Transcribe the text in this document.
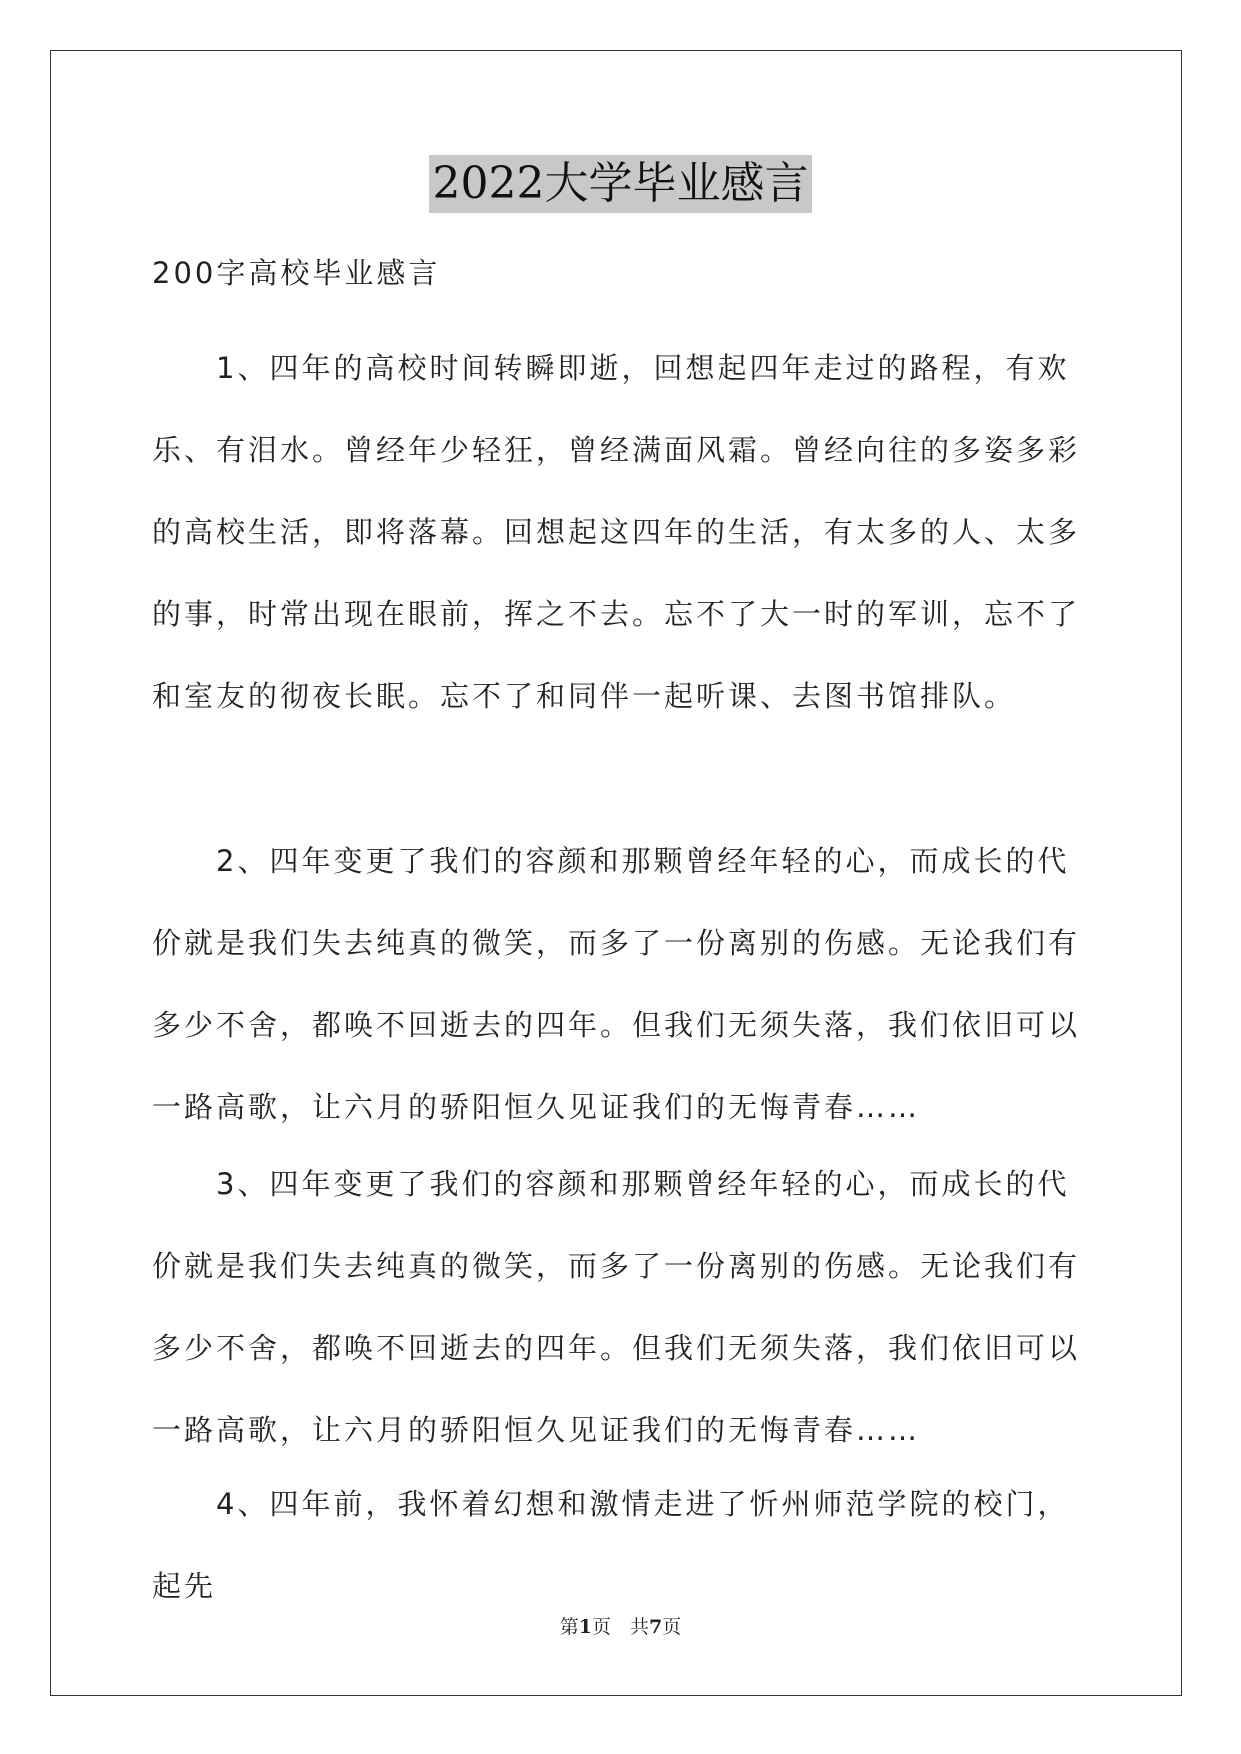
2022大学毕业感言
200字高校毕业感言
　　1、四年的高校时间转瞬即逝，回想起四年走过的路程，有欢乐、有泪水。曾经年少轻狂，曾经满面风霜。曾经向往的多姿多彩的高校生活，即将落幕。回想起这四年的生活，有太多的人、太多的事，时常出现在眼前，挥之不去。忘不了大一时的军训，忘不了和室友的彻夜长眠。忘不了和同伴一起听课、去图书馆排队。
　　2、四年变更了我们的容颜和那颗曾经年轻的心，而成长的代价就是我们失去纯真的微笑，而多了一份离别的伤感。无论我们有多少不舍，都唤不回逝去的四年。但我们无须失落，我们依旧可以一路高歌，让六月的骄阳恒久见证我们的无悔青春……
　　3、四年变更了我们的容颜和那颗曾经年轻的心，而成长的代价就是我们失去纯真的微笑，而多了一份离别的伤感。无论我们有多少不舍，都唤不回逝去的四年。但我们无须失落，我们依旧可以一路高歌，让六月的骄阳恒久见证我们的无悔青春……
　　4、四年前，我怀着幻想和激情走进了忻州师范学院的校门，起先
第1页　共7页
